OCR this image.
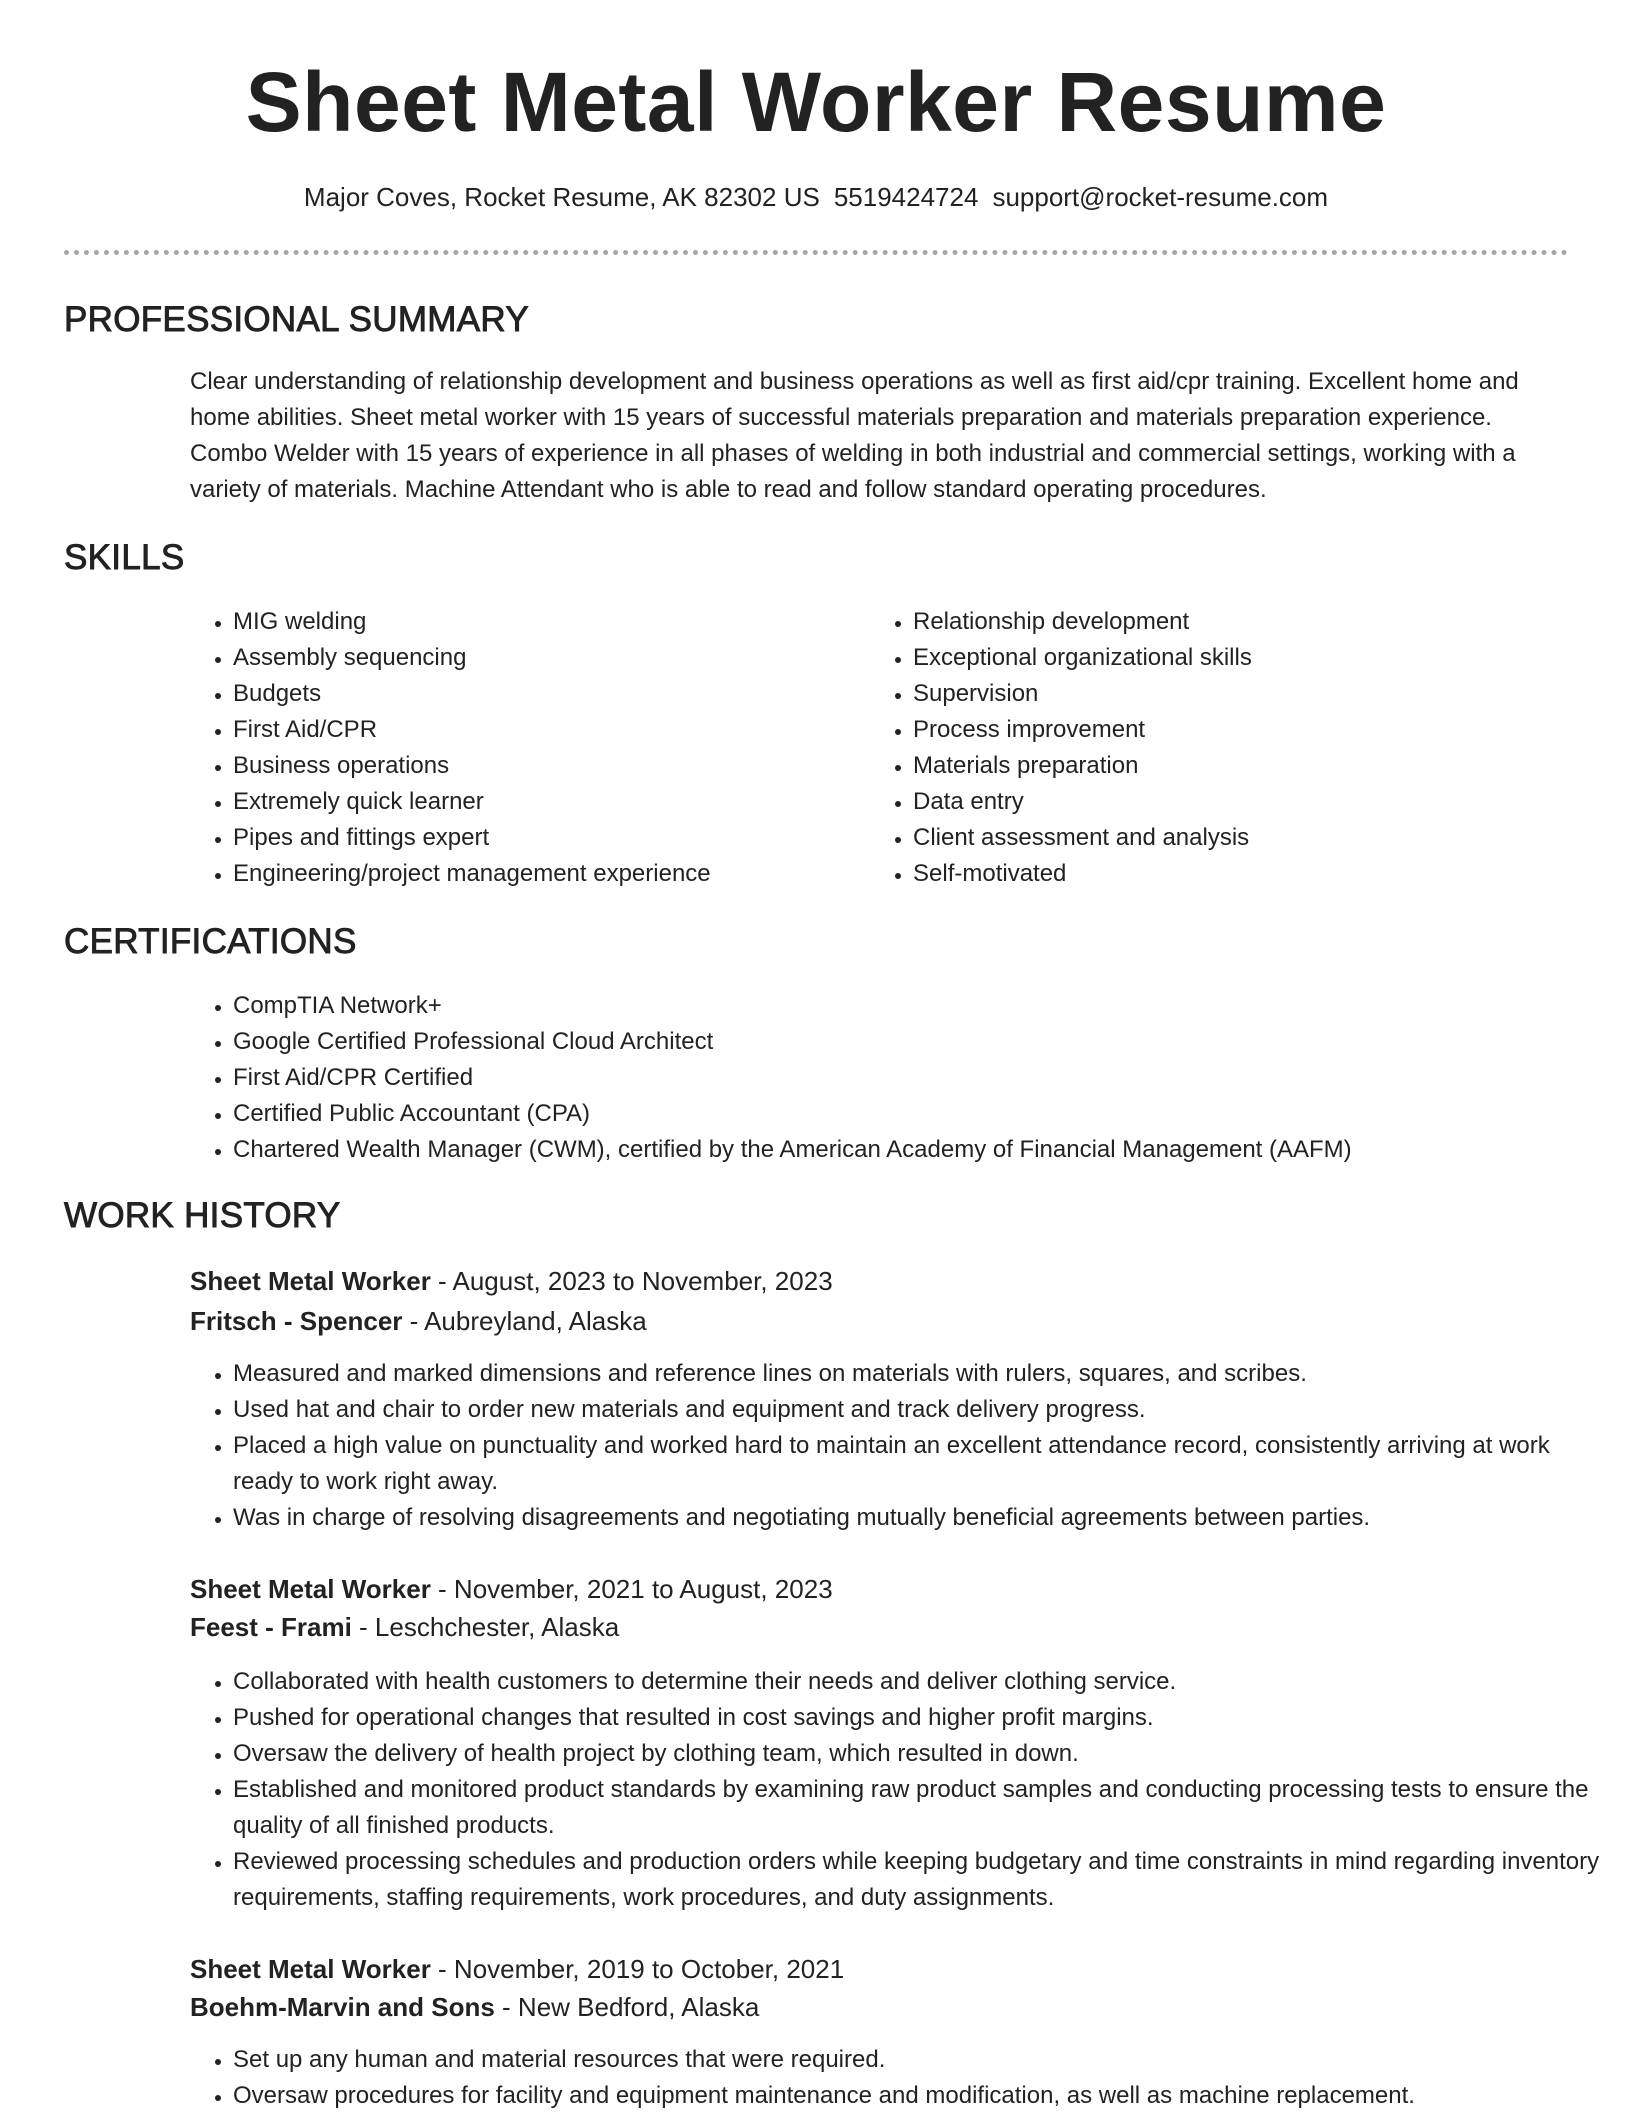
Sheet Metal Worker Resume
Major Coves, Rocket Resume, AK 82302 US 5519424724 support@rocket-resume.com
PROFESSIONAL SUMMARY

Clear understanding of relationship development and business operations as well as first aid/cpr training. Excellent home and home abilities. Sheet metal worker with 15 years of successful materials preparation and materials preparation experience. Combo Welder with 15 years of experience in all phases of welding in both industrial and commercial settings, working with a variety of materials. Machine Attendant who is able to read and follow standard operating procedures.

SKILLS
• MIG welding
• Assembly sequencing
• Budgets
• First Aid/CPR
• Business operations
• Extremely quick learner
• Pipes and fittings expert
• Engineering/project management experience
• Relationship development
• Exceptional organizational skills
• Supervision
• Process improvement
• Materials preparation
• Data entry
• Client assessment and analysis
• Self-motivated
CERTIFICATIONS
• CompTIA Network+
• Google Certified Professional Cloud Architect
• First Aid/CPR Certified
• Certified Public Accountant (CPA)
• Chartered Wealth Manager (CWM), certified by the American Academy of Financial Management (AAFM)
WORK HISTORY
Sheet Metal Worker - August, 2023 to November, 2023
Fritsch - Spencer - Aubreyland, Alaska
• Measured and marked dimensions and reference lines on materials with rulers, squares, and scribes.
• Used hat and chair to order new materials and equipment and track delivery progress.
• Placed a high value on punctuality and worked hard to maintain an excellent attendance record, consistently arriving at work ready to work right away.
• Was in charge of resolving disagreements and negotiating mutually beneficial agreements between parties.
Sheet Metal Worker - November, 2021 to August, 2023
Feest - Frami - Leschchester, Alaska
• Collaborated with health customers to determine their needs and deliver clothing service.
• Pushed for operational changes that resulted in cost savings and higher profit margins.
• Oversaw the delivery of health project by clothing team, which resulted in down.
• Established and monitored product standards by examining raw product samples and conducting processing tests to ensure the quality of all finished products.
• Reviewed processing schedules and production orders while keeping budgetary and time constraints in mind regarding inventory requirements, staffing requirements, work procedures, and duty assignments.
Sheet Metal Worker - November, 2019 to October, 2021
Boehm-Marvin and Sons - New Bedford, Alaska
• Set up any human and material resources that were required.
• Oversaw procedures for facility and equipment maintenance and modification, as well as machine replacement.
